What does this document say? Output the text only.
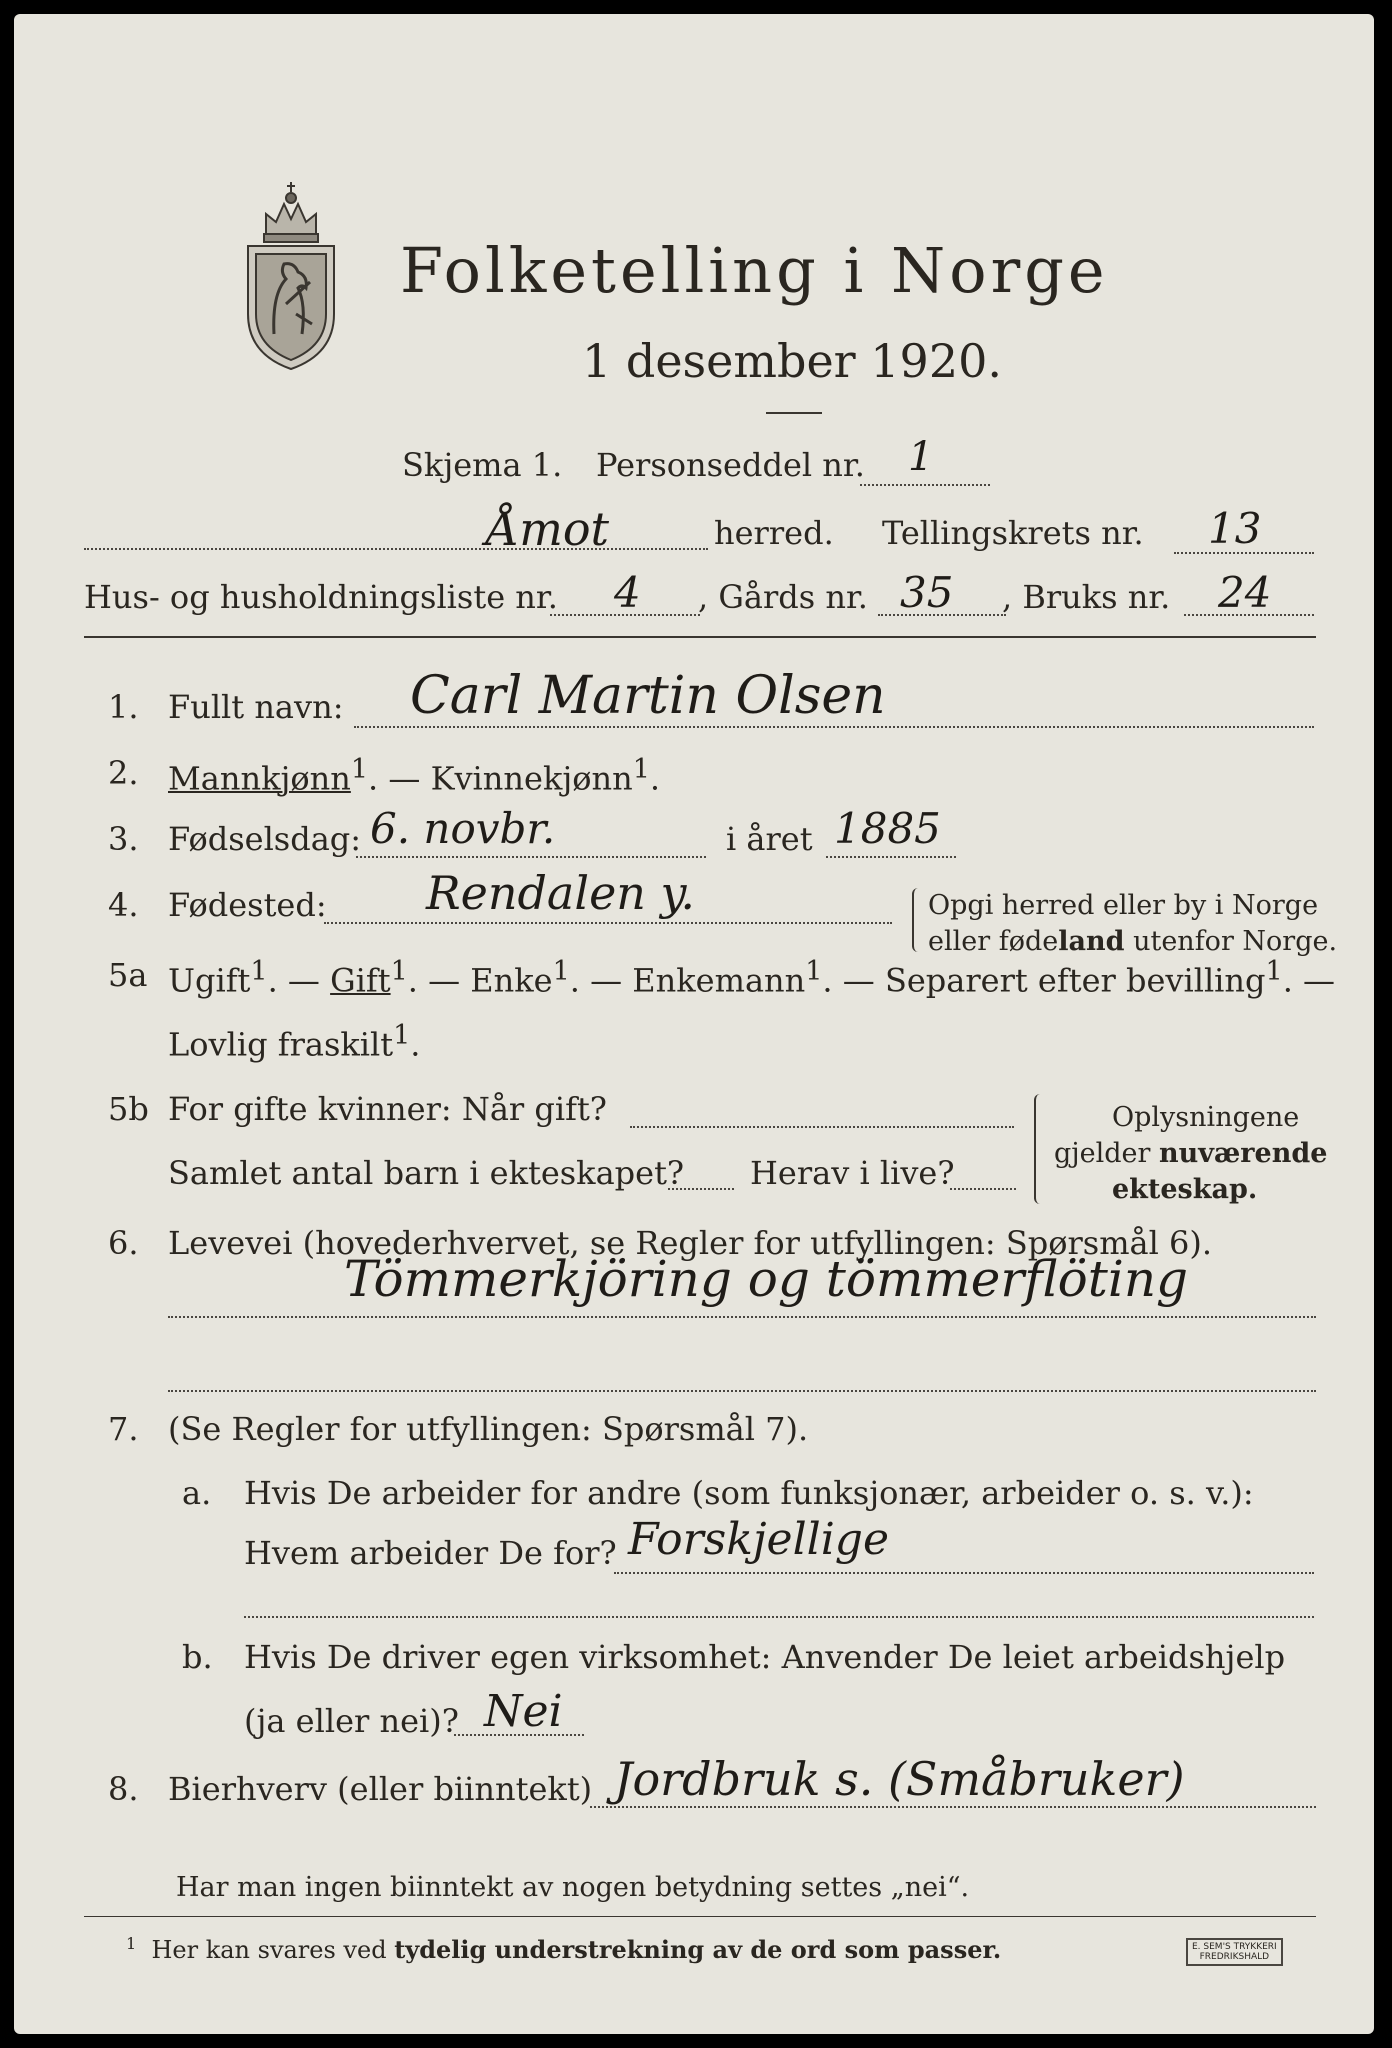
Folketelling i Norge
1 desember 1920.
Skjema 1. Personseddel nr. 1
Åmot	herred. Tellingskrets nr. 13
Hus- og husholdningsliste nr. 4 , Gårds nr. 35 , Bruks nr. 24
1. Fullt navn: Carl Martin Olsen
2. Mannkjønn$^1$. — Kvinnekjønn$^1$.
3. Fødselsdag: 6. novbr.	i året 1885
4. Fødested: Rendalen y.	Opgi herred eller by i Norge
eller fødeland utenfor Norge.
5a Ugift$^1$. — Gift$^1$. — Enke$^1$. — Enkemann$^1$. — Separert efter bevilling$^1$. —
Lovlig fraskilt$^1$.
5b For gifte kvinner: Når gift?
Samlet antal barn i ekteskapet? Herav i live?
Oplysningene
gjelder nuværende
ekteskap.
6. Levevei (hovederhvervet, se Regler for utfyllingen: Spørsmål 6).
Tömmerkjöring og tömmerflöting
7. (Se Regler for utfyllingen: Spørsmål 7).
a. Hvis De arbeider for andre (som funksjonær, arbeider o. s. v.):
Hvem arbeider De for? Forskjellige
b. Hvis De driver egen virksomhet: Anvender De leiet arbeidshjelp
(ja eller nei)? Nei
8. Bierhverv (eller biinntekt) Jordbruk s. (Småbruker)
Har man ingen biinntekt av nogen betydning settes „nei“.
$^1$ Her kan svares ved tydelig understrekning av de ord som passer.	E. SEM'S TRYKKERI
FREDRIKSHALD
